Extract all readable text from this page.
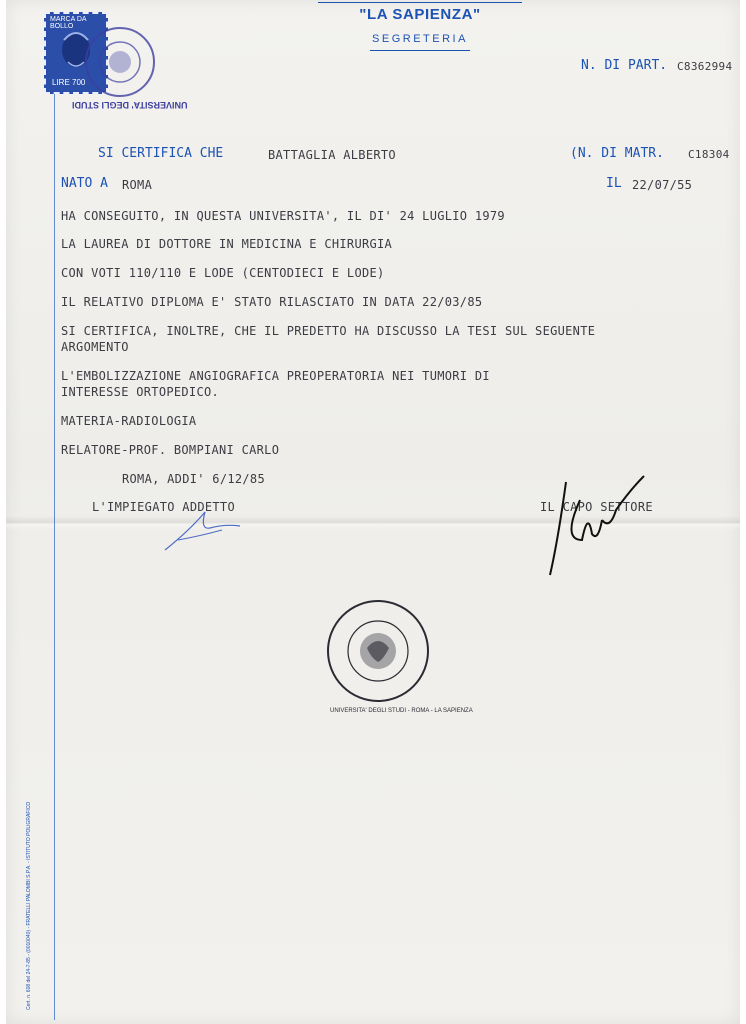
"LA SAPIENZA"
SEGRETERIA
MARCA DA BOLLO
LIRE 700
UNIVERSITA' DEGLI STUDI
N. DI PART. C8362994
SI CERTIFICA CHE	BATTAGLIA ALBERTO	(N. DI MATR. C18304
NATO A ROMA	IL 22/07/55
HA CONSEGUITO, IN QUESTA UNIVERSITA', IL DI' 24 LUGLIO 1979
LA LAUREA DI DOTTORE IN MEDICINA E CHIRURGIA
CON VOTI 110/110 E LODE (CENTODIECI E LODE)
IL RELATIVO DIPLOMA E' STATO RILASCIATO IN DATA 22/03/85
SI CERTIFICA, INOLTRE, CHE IL PREDETTO HA DISCUSSO LA TESI SUL SEGUENTE
ARGOMENTO
L'EMBOLIZZAZIONE ANGIOGRAFICA PREOPERATORIA NEI TUMORI DI
INTERESSE ORTOPEDICO.
MATERIA-RADIOLOGIA
RELATORE-PROF. BOMPIANI CARLO
ROMA, ADDI' 6/12/85
L'IMPIEGATO ADDETTO	IL CAPO SETTORE
UNIVERSITA' DEGLI STUDI - ROMA - LA SAPIENZA
Cert. n. 608 del 24-7-85 - (0010040) - FRATELLI PALOMBI S.P.A. - ISTITUTO POLIGRAFICO
